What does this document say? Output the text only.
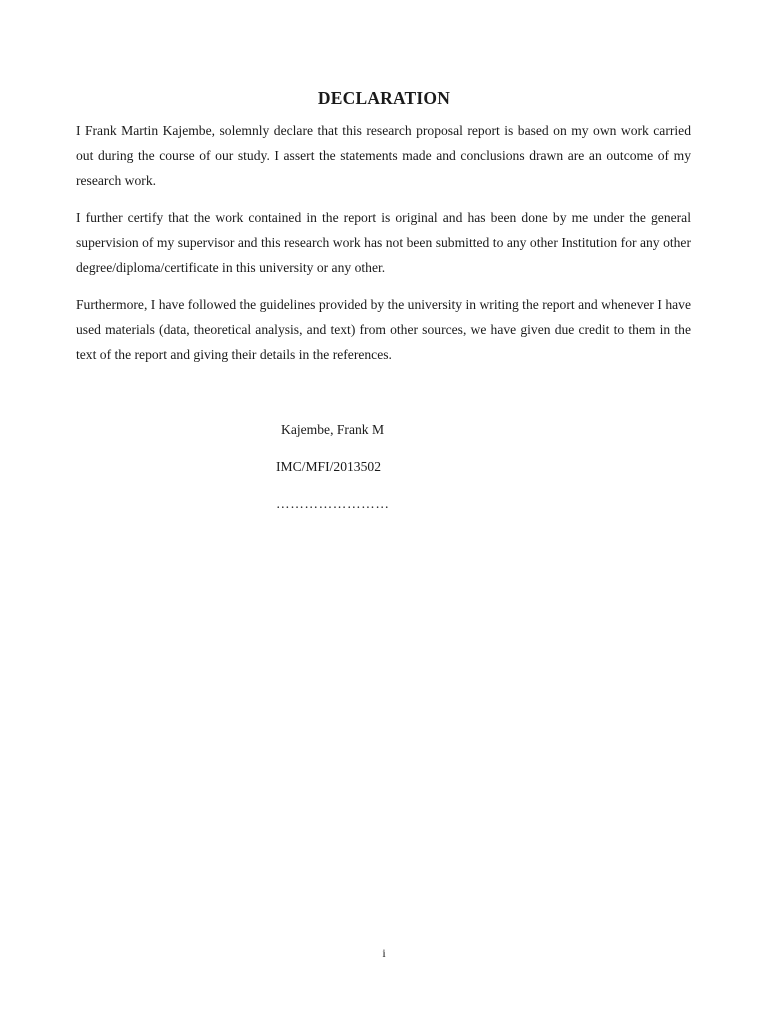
DECLARATION

I Frank Martin Kajembe, solemnly declare that this research proposal report is based on my own work carried out during the course of our study. I assert the statements made and conclusions drawn are an outcome of my research work.

I further certify that the work contained in the report is original and has been done by me under the general supervision of my supervisor and this research work has not been submitted to any other Institution for any other degree/diploma/certificate in this university or any other.

Furthermore, I have followed the guidelines provided by the university in writing the report and whenever I have used materials (data, theoretical analysis, and text) from other sources, we have given due credit to them in the text of the report and giving their details in the references.

Kajembe, Frank M
IMC/MFI/2013502
……………………
i
